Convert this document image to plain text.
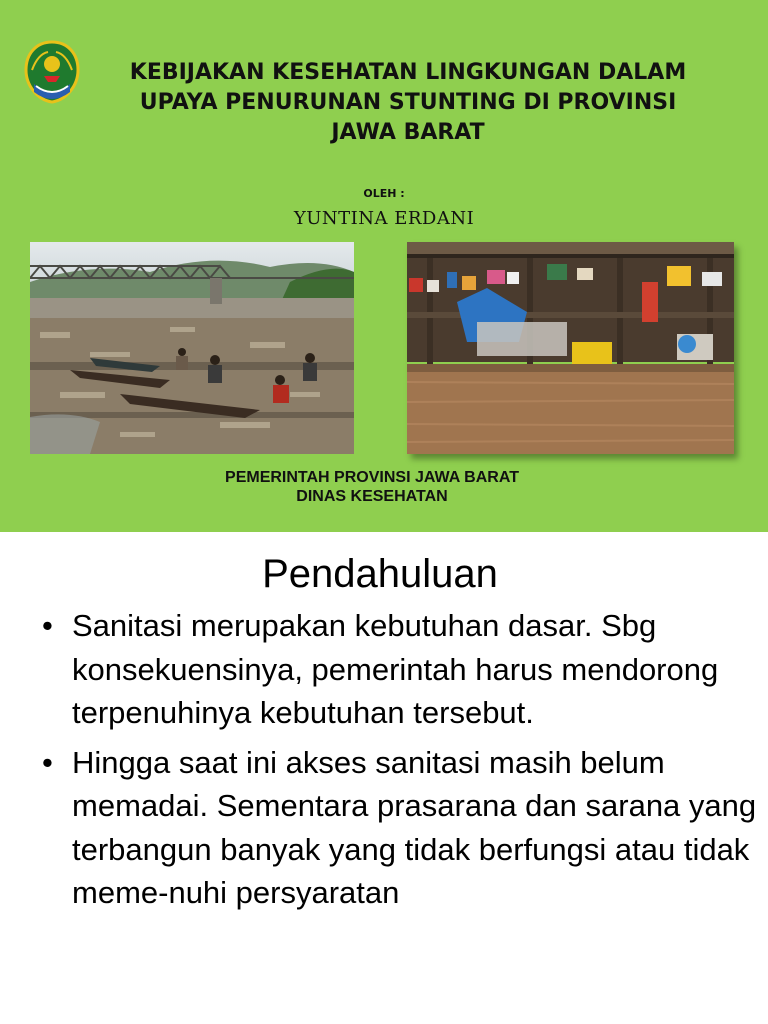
KEBIJAKAN KESEHATAN LINGKUNGAN DALAM
UPAYA PENURUNAN STUNTING DI PROVINSI
JAWA BARAT
OLEH :
YUNTINA ERDANI
PEMERINTAH PROVINSI JAWA BARAT
DINAS KESEHATAN
Pendahuluan
• Sanitasi merupakan kebutuhan dasar. Sbg konsekuensinya, pemerintah harus mendorong terpenuhinya kebutuhan tersebut.
• Hingga saat ini akses sanitasi masih belum memadai. Sementara prasarana dan sarana yang terbangun banyak yang tidak berfungsi atau tidak meme-nuhi persyaratan
